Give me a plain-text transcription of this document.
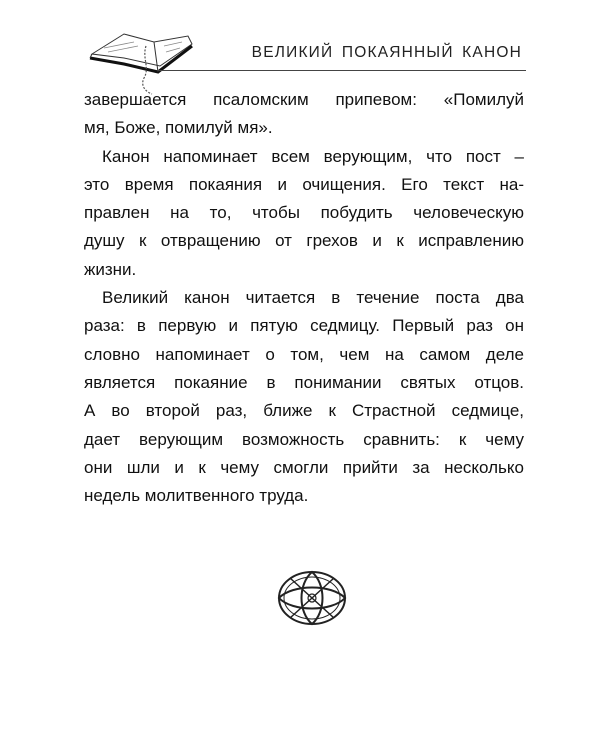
ВЕЛИКИЙ ПОКАЯННЫЙ КАНОН
завершается псаломским припевом: «Помилуй
мя, Боже, помилуй мя».
Канон напоминает всем верующим, что пост –
это время покаяния и очищения. Его текст на-
правлен на то, чтобы побудить человеческую
душу к отвращению от грехов и к исправлению
жизни.
Великий канон читается в течение поста два
раза: в первую и пятую седмицу. Первый раз он
словно напоминает о том, чем на самом деле
является покаяние в понимании святых отцов.
А во второй раз, ближе к Страстной седмице,
дает верующим возможность сравнить: к чему
они шли и к чему смогли прийти за несколько
недель молитвенного труда.
